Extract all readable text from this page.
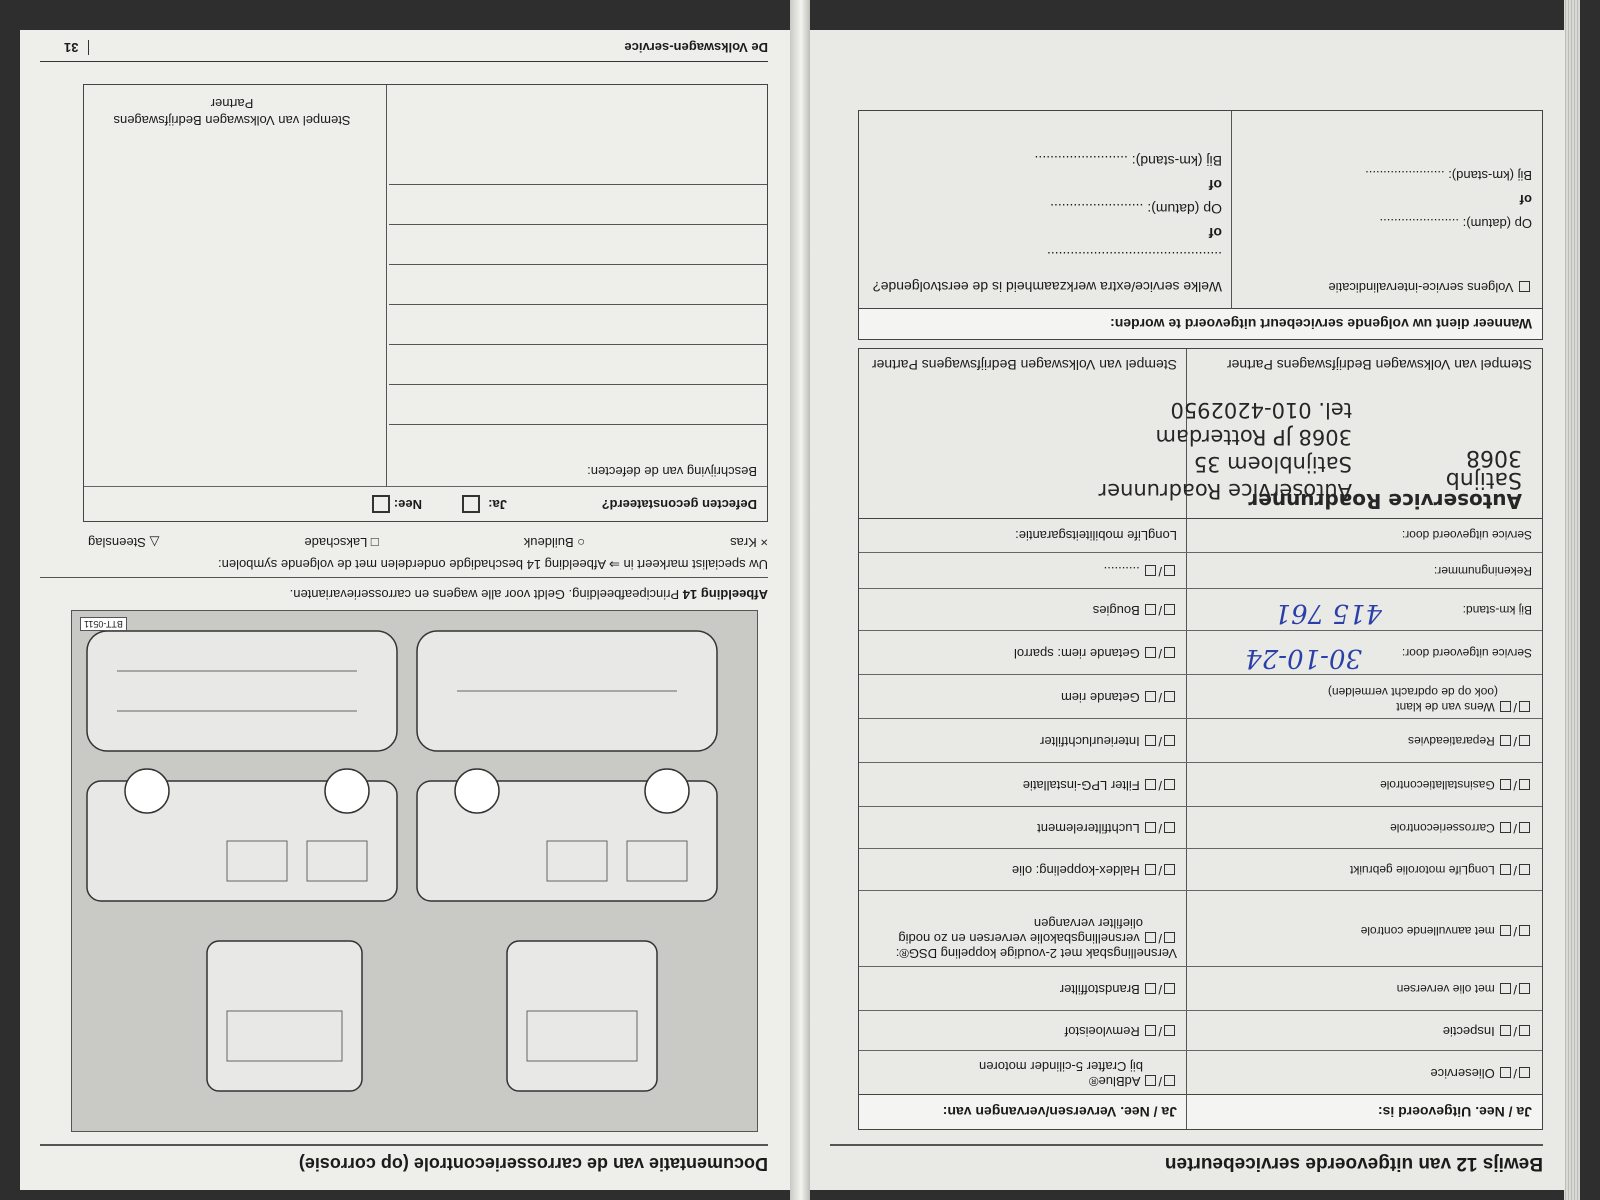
Bewijs 12 van uitgevoerde servicebeurten
Ja / Nee. Uitgevoerd is:
Ja / Nee. Verversen/vervangen van:
/ Olieservice
/ AdBlue®
bij Crafter 5-cilinder motoren
/ Inspectie
/ Remvloeistof
/ met olie verversen
/ Brandstoffilter
/ met aanvullende controle
Versnellingsbak met 2-voudige koppeling DSG®:
/ versnellingsbakolie verversen en zo nodig
oliefilter vervangen
/ LongLife motorolie gebruikt
/ Haldex-koppeling: olie
/ Carrosseriecontrole
/ Luchtfilterelement
/ Gasinstallatiecontrole
/ Filter LPG-installatie
/ Reparatieadvies
/ Interieurluchtfilter
/ Wens van de klant
(ook op de opdracht vermelden)
/ Getande riem
Service uitgevoerd door:
30-10-24
/ Getande riem: sparrol
Bij km-stand:
415 761
/ Bougies
Rekeningnummer:
/ ..........
Service uitgevoerd door:
LongLife mobiliteitsgarantie:
Autoservice Roadrunner
Satijnb
3068
Autoservice Roadrunner
Satijnbloem 35
3068 JP Rotterdam
tel. 010-4202950
Stempel van Volkswagen Bedrijfswagens Partner
Stempel van Volkswagen Bedrijfswagens Partner
Wanneer dient uw volgende servicebeurt uitgevoerd te worden:
Volgens service-intervalindicatie
Op (datum): ......................
of
Bij (km-stand): ......................
Welke service/extra werkzaamheid is de eerstvolgende?
.............................................
of
Op (datum): ........................
of
Bij (km-stand): ........................
Documentatie van de carrosseriecontrole (op corrosie)
BTT-0511
Afbeelding 14 Principeafbeelding. Geldt voor alle wagens en carrosserievarianten.
Uw specialist markeert in ⇒ Afbeelding 14 beschadigde onderdelen met de volgende symbolen:
× Kras
○ Buildeuk
□ Lakschade
△ Steenslag
Defecten geconstateerd?
Ja:
Nee:
Beschrijving van de defecten:
Stempel van Volkswagen Bedrijfswagens
Partner
De Volkswagen-service
31
